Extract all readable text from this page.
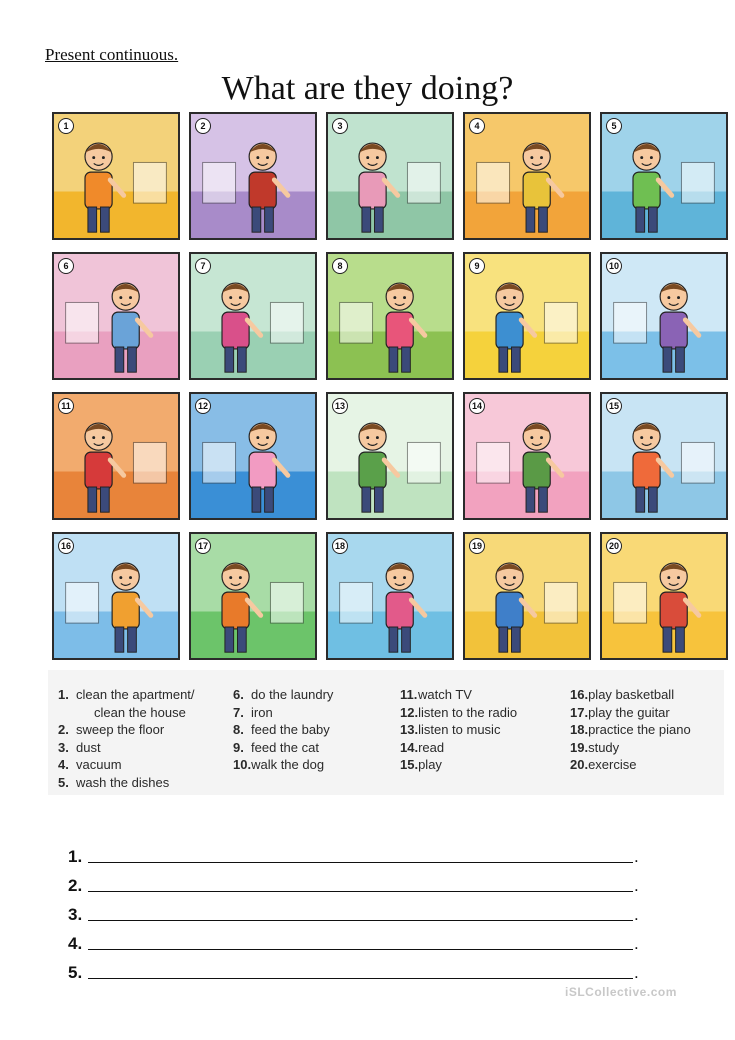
Present continuous.
What are they doing?
1	2	3	4	5
6	7	8	9	10
11	12	13	14	15
16	17	18	19	20
1. clean the apartment/
clean the house
2. sweep the floor
3. dust
4. vacuum
5. wash the dishes
6. do the laundry
7. iron
8. feed the baby
9. feed the cat
10.walk the dog
11.watch TV
12.listen to the radio
13.listen to music
14.read
15.play
16.play basketball
17.play the guitar
18.practice the piano
19.study
20.exercise
1.	.
2.	.
3.	.
4.	.
5.	.
iSLCollective.com
